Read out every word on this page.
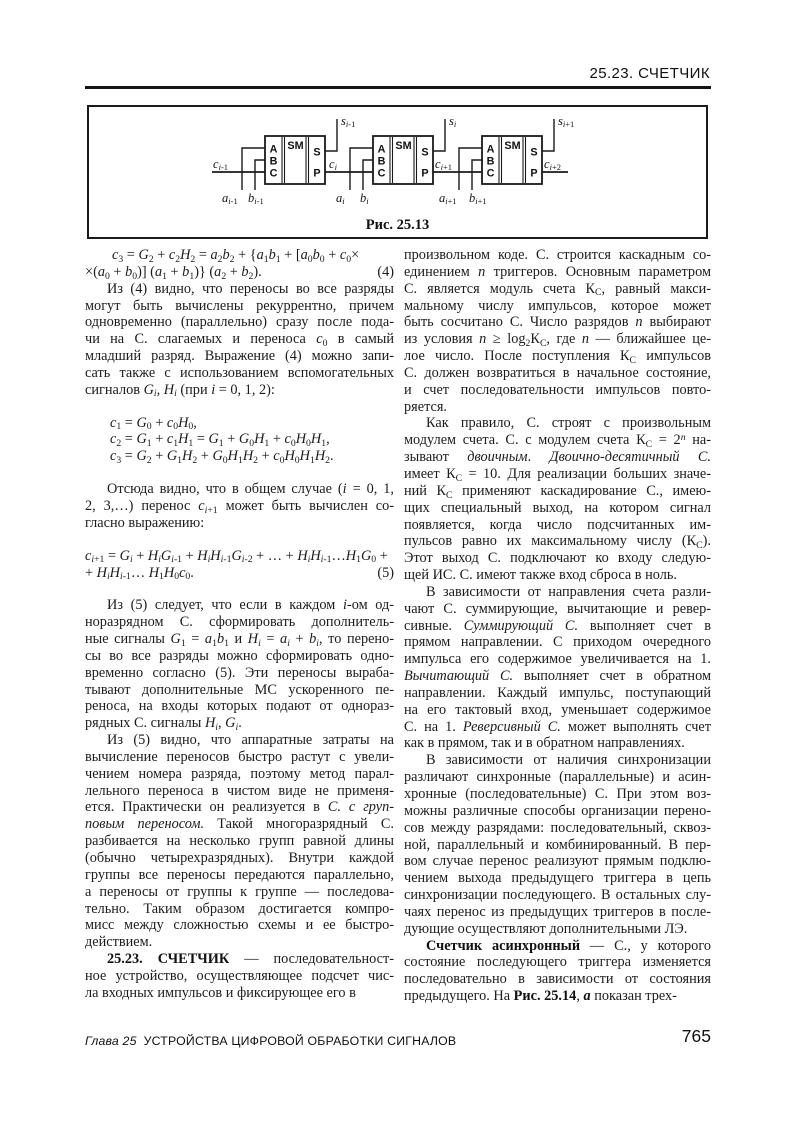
25.23. СЧЕТЧИК
A
B
C
SM
S
P
A
B
C
SM
S
P
A
B
C
SM
S
P
$c_{i-1}$	$c_i$	$c_{i+1}$	$c_{i+2}$
$s_{i-1}$	$s_i$	$s_{i+1}$
$a_{i-1}$	$a_i$	$a_{i+1}$
$b_{i-1}$	$b_i$	$b_{i+1}$
Рис. 25.13
$c_3 = G_2 + c_2H_2 = a_2b_2 + \{a_1b_1 + [a_0b_0 + c_0\times$
$\times(a_0 + b_0)$] $(a_1 + b_1)$} $(a_2 + b_2)$.	(4)
Из (4) видно, что переносы во все разряды
могут быть вычислены рекуррентно, причем
одновременно (параллельно) сразу после пода-
чи на С. слагаемых и переноса $c_0$ в самый
младший разряд. Выражение (4) можно запи-
сать также с использованием вспомогательных
сигналов $G_i$, $H_i$ (при i = 0, 1, 2):
$c_1 = G_0 + c_0H_0$,
$c_2 = G_1 + c_1H_1 = G_1 + G_0H_1 + c_0H_0H_1$,
$c_3 = G_2 + G_1H_2 + G_0H_1H_2 + c_0H_0H_1H_2$.
Отсюда видно, что в общем случае (i = 0, 1,
2, 3,…) перенос $c_{i+1}$ может быть вычислен со-
гласно выражению:
$c_{i+1} = G_i + H_iG_{i-1} + H_iH_{i-1}G_{i-2}$ + … + $H_iH_{i-1}\dots H_1G_0$ +
+ $H_iH_{i-1}\dots$ $H_1H_0c_0$.	(5)
Из (5) следует, что если в каждом i-ом од-
норазрядном С. сформировать дополнитель-
ные сигналы $G_1 = a_1b_1$ и $H_i = a_i + b_i$, то перено-
сы во все разряды можно сформировать одно-
временно согласно (5). Эти переносы выраба-
тывают дополнительные МС ускоренного пе-
реноса, на входы которых подают от однораз-
рядных С. сигналы $H_i$, $G_i$.
Из (5) видно, что аппаратные затраты на
вычисление переносов быстро растут с увели-
чением номера разряда, поэтому метод парал-
лельного переноса в чистом виде не применя-
ется. Практически он реализуется в С. с груп-
повым переносом. Такой многоразрядный С.
разбивается на несколько групп равной длины
(обычно четырехразрядных). Внутри каждой
группы все переносы передаются параллельно,
а переносы от группы к группе — последова-
тельно. Таким образом достигается компро-
мисс между сложностью схемы и ее быстро-
действием.
25.23. СЧЕТЧИК — последовательност-
ное устройство, осуществляющее подсчет чис-
ла входных импульсов и фиксирующее его в
произвольном коде. С. строится каскадным со-
единением n триггеров. Основным параметром
С. является модуль счета $К_С$, равный макси-
мальному числу импульсов, которое может
быть сосчитано С. Число разрядов n выбирают
из условия $n \ge \log_2К_С$, где n — ближайшее це-
лое число. После поступления $К_С$ импульсов
С. должен возвратиться в начальное состояние,
и счет последовательности импульсов повто-
ряется.
Как правило, С. строят с произвольным
модулем счета. С. с модулем счета $К_С = 2^n$ на-
зывают двоичным. Двоично-десятичный С.
имеет $К_С = 10$. Для реализации больших значе-
ний $К_С$ применяют каскадирование С., имею-
щих специальный выход, на котором сигнал
появляется, когда число подсчитанных им-
пульсов равно их максимальному числу $(К_С)$.
Этот выход С. подключают ко входу следую-
щей ИС. С. имеют также вход сброса в ноль.
В зависимости от направления счета разли-
чают С. суммирующие, вычитающие и ревер-
сивные. Суммирующий С. выполняет счет в
прямом направлении. С приходом очередного
импульса его содержимое увеличивается на 1.
Вычитающий С. выполняет счет в обратном
направлении. Каждый импульс, поступающий
на его тактовый вход, уменьшает содержимое
С. на 1. Реверсивный С. может выполнять счет
как в прямом, так и в обратном направлениях.
В зависимости от наличия синхронизации
различают синхронные (параллельные) и асин-
хронные (последовательные) С. При этом воз-
можны различные способы организации перено-
сов между разрядами: последовательный, сквоз-
ной, параллельный и комбинированный. В пер-
вом случае перенос реализуют прямым подклю-
чением выхода предыдущего триггера в цепь
синхронизации последующего. В остальных слу-
чаях перенос из предыдущих триггеров в после-
дующие осуществляют дополнительными ЛЭ.
Счетчик асинхронный — С., у которого
состояние последующего триггера изменяется
последовательно в зависимости от состояния
предыдущего. На Рис. 25.14, а показан трех-
Глава 25 УСТРОЙСТВА ЦИФРОВОЙ ОБРАБОТКИ СИГНАЛОВ	765
